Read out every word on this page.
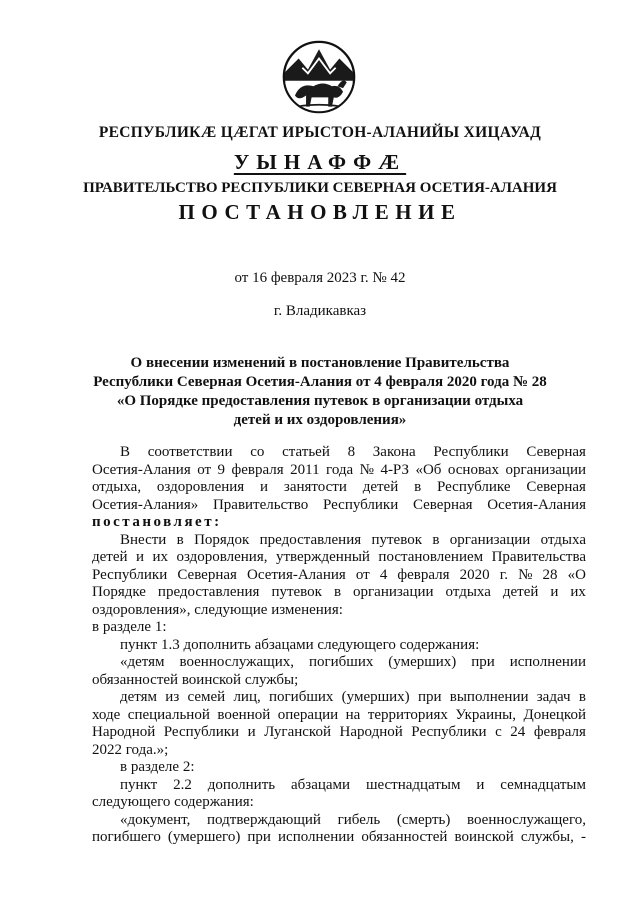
РЕСПУБЛИКӔ ЦӔГАТ ИРЫСТОН-АЛАНИЙЫ ХИЦАУАД
УЫНАФФӔ
ПРАВИТЕЛЬСТВО РЕСПУБЛИКИ СЕВЕРНАЯ ОСЕТИЯ-АЛАНИЯ
ПОСТАНОВЛЕНИЕ
от 16 февраля 2023 г. № 42
г. Владикавказ
О внесении изменений в постановление Правительства
Республики Северная Осетия-Алания от 4 февраля 2020 года № 28
«О Порядке предоставления путевок в организации отдыха
детей и их оздоровления»
В соответствии со статьей 8 Закона Республики Северная
Осетия-Алания от 9 февраля 2011 года № 4-РЗ «Об основах организации
отдыха, оздоровления и занятости детей в Республике Северная
Осетия-Алания» Правительство Республики Северная Осетия-Алания
постановляет:
Внести в Порядок предоставления путевок в организации отдыха
детей и их оздоровления, утвержденный постановлением Правительства
Республики Северная Осетия-Алания от 4 февраля 2020 г. № 28 «О
Порядке предоставления путевок в организации отдыха детей и их
оздоровления», следующие изменения:
в разделе 1:
пункт 1.3 дополнить абзацами следующего содержания:
«детям военнослужащих, погибших (умерших) при исполнении
обязанностей воинской службы;
детям из семей лиц, погибших (умерших) при выполнении задач в
ходе специальной военной операции на территориях Украины, Донецкой
Народной Республики и Луганской Народной Республики с 24 февраля
2022 года.»;
в разделе 2:
пункт 2.2 дополнить абзацами шестнадцатым и семнадцатым
следующего содержания:
«документ, подтверждающий гибель (смерть) военнослужащего,
погибшего (умершего) при исполнении обязанностей воинской службы, -
